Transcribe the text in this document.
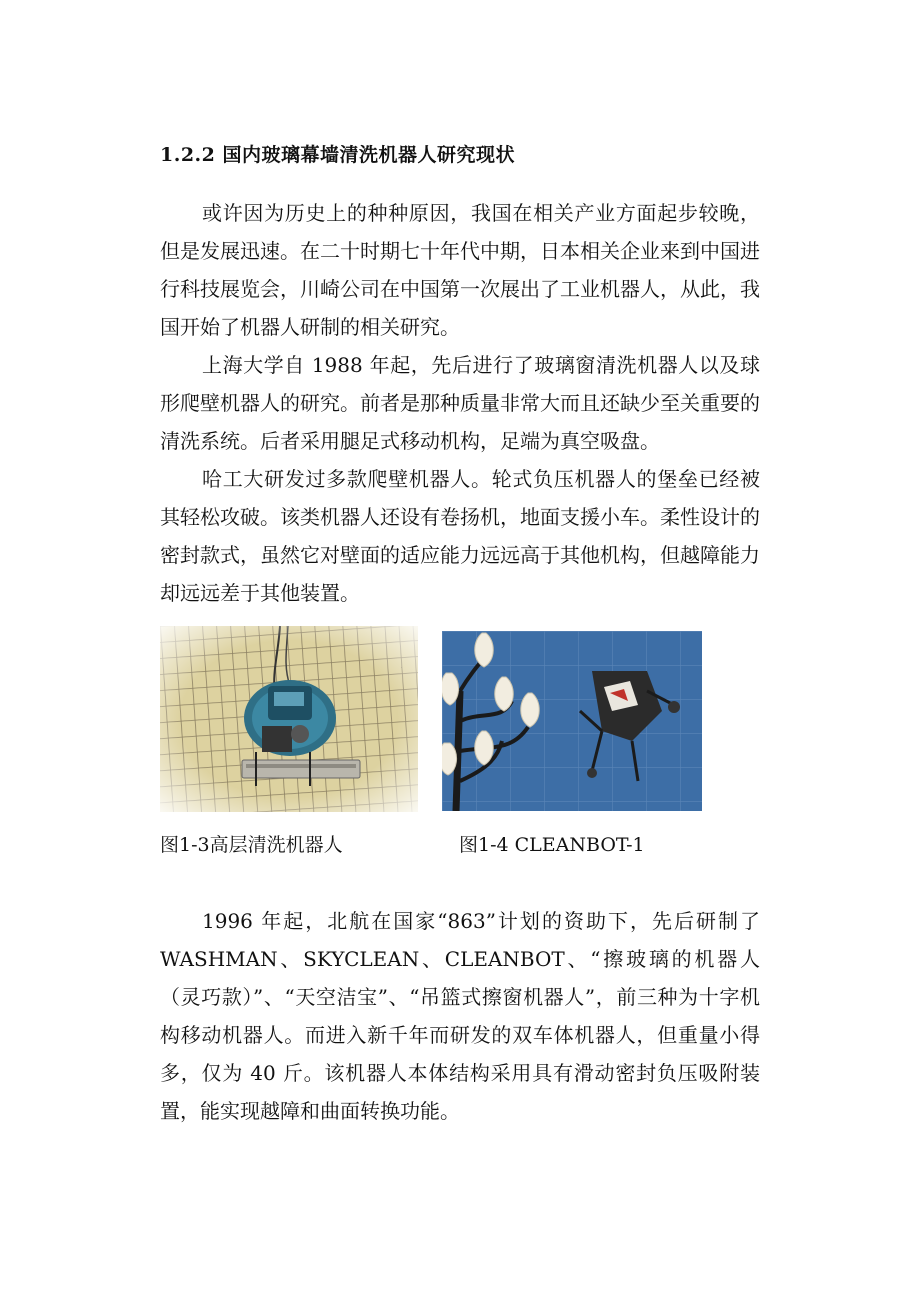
1.2.2 国内玻璃幕墙清洗机器人研究现状

或许因为历史上的种种原因，我国在相关产业方面起步较晚，但是发展迅速。在二十时期七十年代中期，日本相关企业来到中国进行科技展览会，川崎公司在中国第一次展出了工业机器人，从此，我国开始了机器人研制的相关研究。

上海大学自 1988 年起，先后进行了玻璃窗清洗机器人以及球形爬壁机器人的研究。前者是那种质量非常大而且还缺少至关重要的清洗系统。后者采用腿足式移动机构，足端为真空吸盘。

哈工大研发过多款爬壁机器人。轮式负压机器人的堡垒已经被其轻松攻破。该类机器人还设有卷扬机，地面支援小车。柔性设计的密封款式，虽然它对壁面的适应能力远远高于其他机构，但越障能力却远远差于其他装置。

图1-3高层清洗机器人	图1-4 CLEANBOT-1

1996 年起，北航在国家“863”计划的资助下，先后研制了 WASHMAN、SKYCLEAN、CLEANBOT、“擦玻璃的机器人（灵巧款）”、“天空洁宝”、“吊篮式擦窗机器人”，前三种为十字机构移动机器人。而进入新千年而研发的双车体机器人，但重量小得多，仅为 40 斤。该机器人本体结构采用具有滑动密封负压吸附装置，能实现越障和曲面转换功能。
